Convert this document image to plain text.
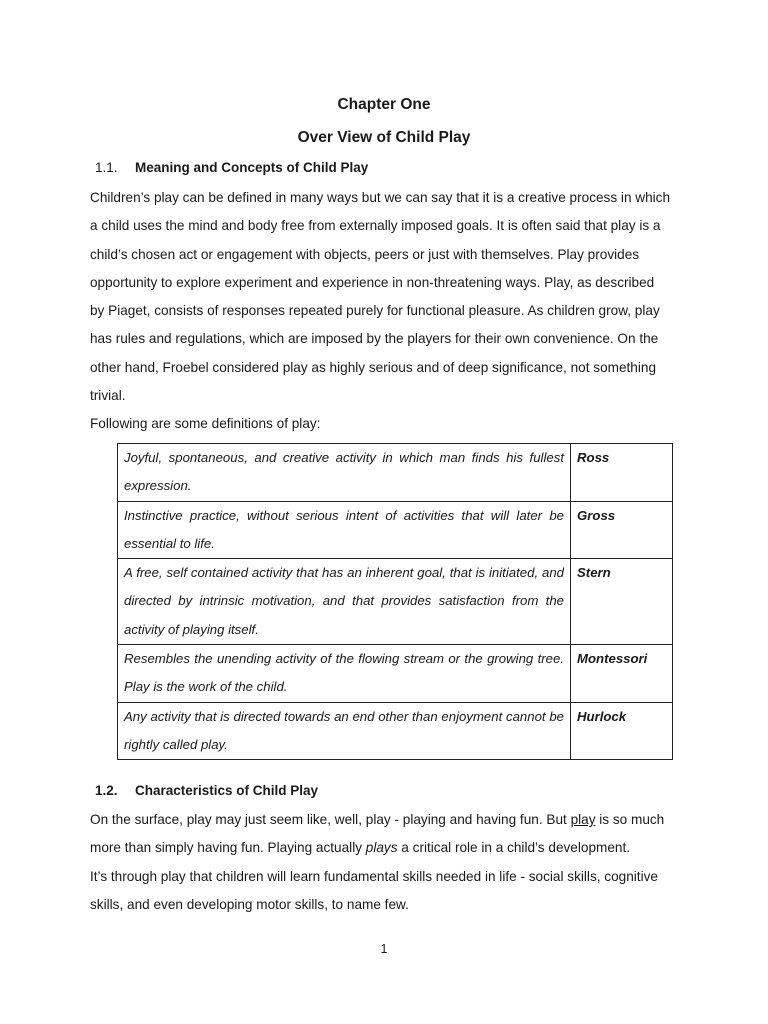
Chapter One
Over View of Child Play
1.1. Meaning and Concepts of Child Play
Children’s play can be defined in many ways but we can say that it is a creative process in which
a child uses the mind and body free from externally imposed goals. It is often said that play is a
child’s chosen act or engagement with objects, peers or just with themselves. Play provides
opportunity to explore experiment and experience in non-threatening ways. Play, as described
by Piaget, consists of responses repeated purely for functional pleasure. As children grow, play
has rules and regulations, which are imposed by the players for their own convenience. On the
other hand, Froebel considered play as highly serious and of deep significance, not something
trivial.
Following are some definitions of play:
Joyful, spontaneous, and creative activity in which man finds his fullest expression.	Ross
Instinctive practice, without serious intent of activities that will later be essential to life.	Gross
A free, self contained activity that has an inherent goal, that is initiated, and directed by intrinsic motivation, and that provides satisfaction from the activity of playing itself.	Stern
Resembles the unending activity of the flowing stream or the growing tree. Play is the work of the child.	Montessori
Any activity that is directed towards an end other than enjoyment cannot be rightly called play.	Hurlock
1.2. Characteristics of Child Play
On the surface, play may just seem like, well, play - playing and having fun. But play is so much
more than simply having fun. Playing actually plays a critical role in a child’s development.
It’s through play that children will learn fundamental skills needed in life - social skills, cognitive
skills, and even developing motor skills, to name few.
1
